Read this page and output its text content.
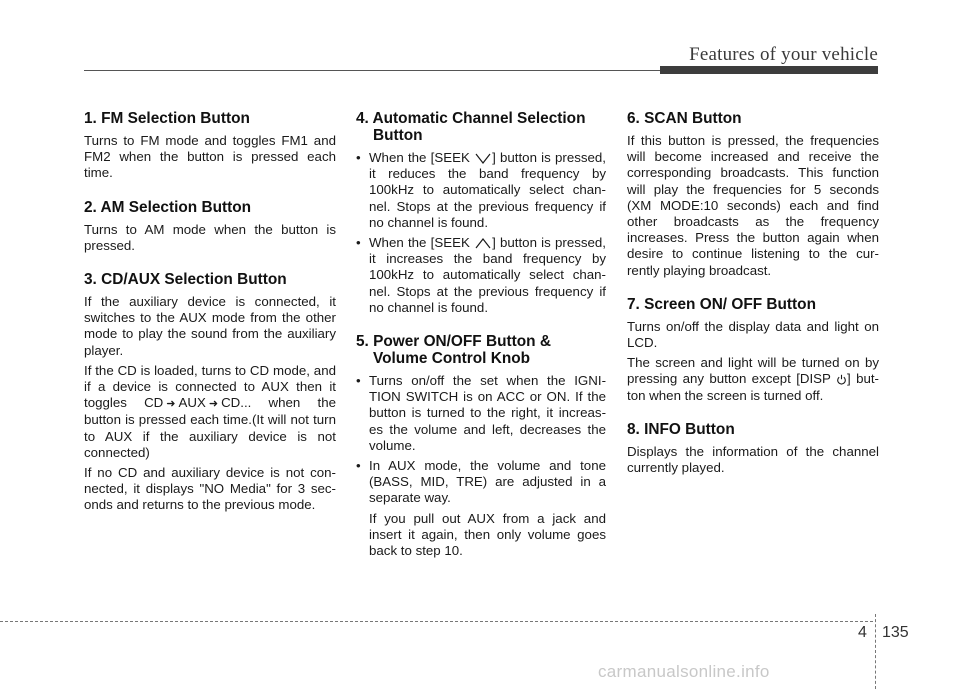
Features of your vehicle
1. FM Selection Button

Turns to FM mode and toggles FM1 and FM2 when the button is pressed each time.

2. AM Selection Button

Turns to AM mode when the button is pressed.

3. CD/AUX Selection Button

If the auxiliary device is connected, it switches to the AUX mode from the other mode to play the sound from the auxiliary player.

If the CD is loaded, turns to CD mode, and if a device is connected to AUX then it toggles CD ➜ AUX ➜ CD... when the button is pressed each time.(It will not turn to AUX if the auxiliary device is not connected)

If no CD and auxiliary device is not con-nected, it displays "NO Media" for 3 sec-onds and returns to the previous mode.

4. Automatic Channel Selection
Button
• When the [SEEK ] button is pressed, it reduces the band frequency by 100kHz to automatically select chan-nel. Stops at the previous frequency if no channel is found.
• When the [SEEK ] button is pressed, it increases the band frequency by 100kHz to automatically select chan-nel. Stops at the previous frequency if no channel is found.
5. Power ON/OFF Button &
Volume Control Knob
• Turns on/off the set when the IGNI-TION SWITCH is on ACC or ON. If the button is turned to the right, it increas-es the volume and left, decreases the volume.
• In AUX mode, the volume and tone (BASS, MID, TRE) are adjusted in a separate way.

If you pull out AUX from a jack and insert it again, then only volume goes back to step 10.

6. SCAN Button

If this button is pressed, the frequencies will become increased and receive the corresponding broadcasts. This function will play the frequencies for 5 seconds (XM MODE:10 seconds) each and find other broadcasts as the frequency increases. Press the button again when desire to continue listening to the cur-rently playing broadcast.

7. Screen ON/ OFF Button

Turns on/off the display data and light on LCD.

The screen and light will be turned on by pressing any button except [DISP ] but-ton when the screen is turned off.

8. INFO Button

Displays the information of the channel currently played.

4 135
carmanualsonline.info
